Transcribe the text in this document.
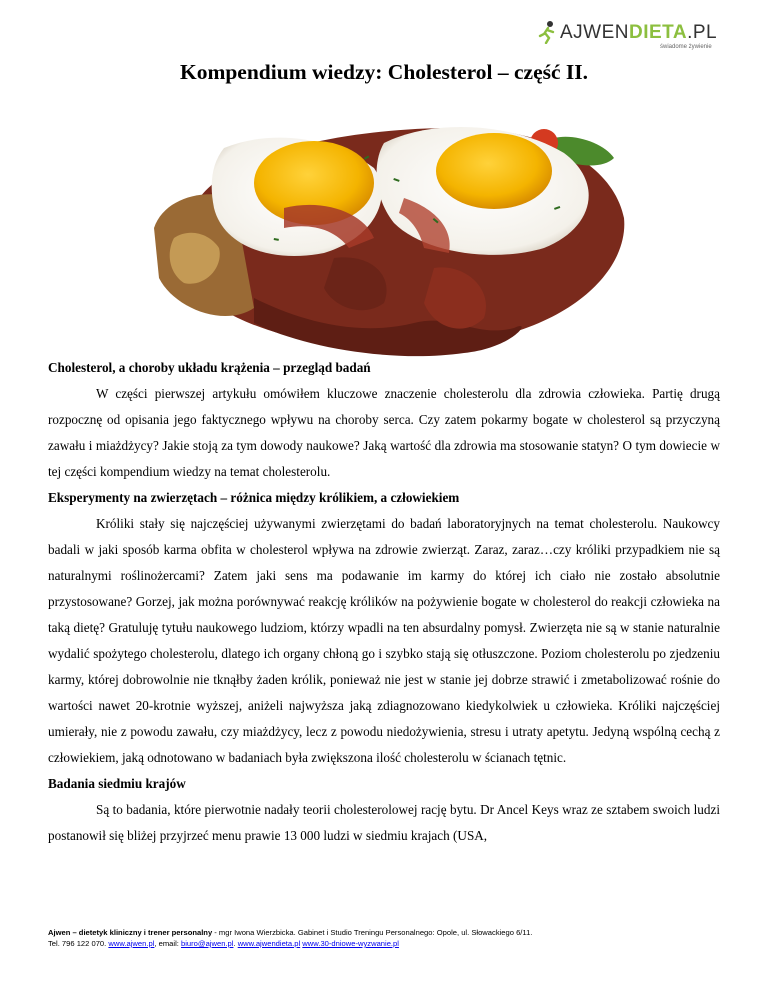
AJWENDIETA.PL
świadome żywienie
Kompendium wiedzy: Cholesterol – część II.
Cholesterol, a choroby układu krążenia – przegląd badań

W części pierwszej artykułu omówiłem kluczowe znaczenie cholesterolu dla zdrowia człowieka. Partię drugą rozpocznę od opisania jego faktycznego wpływu na choroby serca. Czy zatem pokarmy bogate w cholesterol są przyczyną zawału i miażdżycy? Jakie stoją za tym dowody naukowe? Jaką wartość dla zdrowia ma stosowanie statyn? O tym dowiecie w tej części kompendium wiedzy na temat cholesterolu.

Eksperymenty na zwierzętach – różnica między królikiem, a człowiekiem

Króliki stały się najczęściej używanymi zwierzętami do badań laboratoryjnych na temat cholesterolu. Naukowcy badali w jaki sposób karma obfita w cholesterol wpływa na zdrowie zwierząt. Zaraz, zaraz…czy króliki przypadkiem nie są naturalnymi roślinożercami? Zatem jaki sens ma podawanie im karmy do której ich ciało nie zostało absolutnie przystosowane? Gorzej, jak można porównywać reakcję królików na pożywienie bogate w cholesterol do reakcji człowieka na taką dietę? Gratuluję tytułu naukowego ludziom, którzy wpadli na ten absurdalny pomysł. Zwierzęta nie są w stanie naturalnie wydalić spożytego cholesterolu, dlatego ich organy chłoną go i szybko stają się otłuszczone. Poziom cholesterolu po zjedzeniu karmy, której dobrowolnie nie tknąłby żaden królik, ponieważ nie jest w stanie jej dobrze strawić i zmetabolizować rośnie do wartości nawet 20-krotnie wyższej, aniżeli najwyższa jaką zdiagnozowano kiedykolwiek u człowieka. Króliki najczęściej umierały, nie z powodu zawału, czy miażdżycy, lecz z powodu niedożywienia, stresu i utraty apetytu. Jedyną wspólną cechą z człowiekiem, jaką odnotowano w badaniach była zwiększona ilość cholesterolu w ścianach tętnic.

Badania siedmiu krajów

Są to badania, które pierwotnie nadały teorii cholesterolowej rację bytu. Dr Ancel Keys wraz ze sztabem swoich ludzi postanowił się bliżej przyjrzeć menu prawie 13 000 ludzi w siedmiu krajach (USA,

Ajwen – dietetyk kliniczny i trener personalny - mgr Iwona Wierzbicka. Gabinet i Studio Treningu Personalnego: Opole, ul. Słowackiego 6/11.
Tel. 796 122 070. www.ajwen.pl, email: biuro@ajwen.pl. www.ajwendieta.pl www.30-dniowe-wyzwanie.pl
